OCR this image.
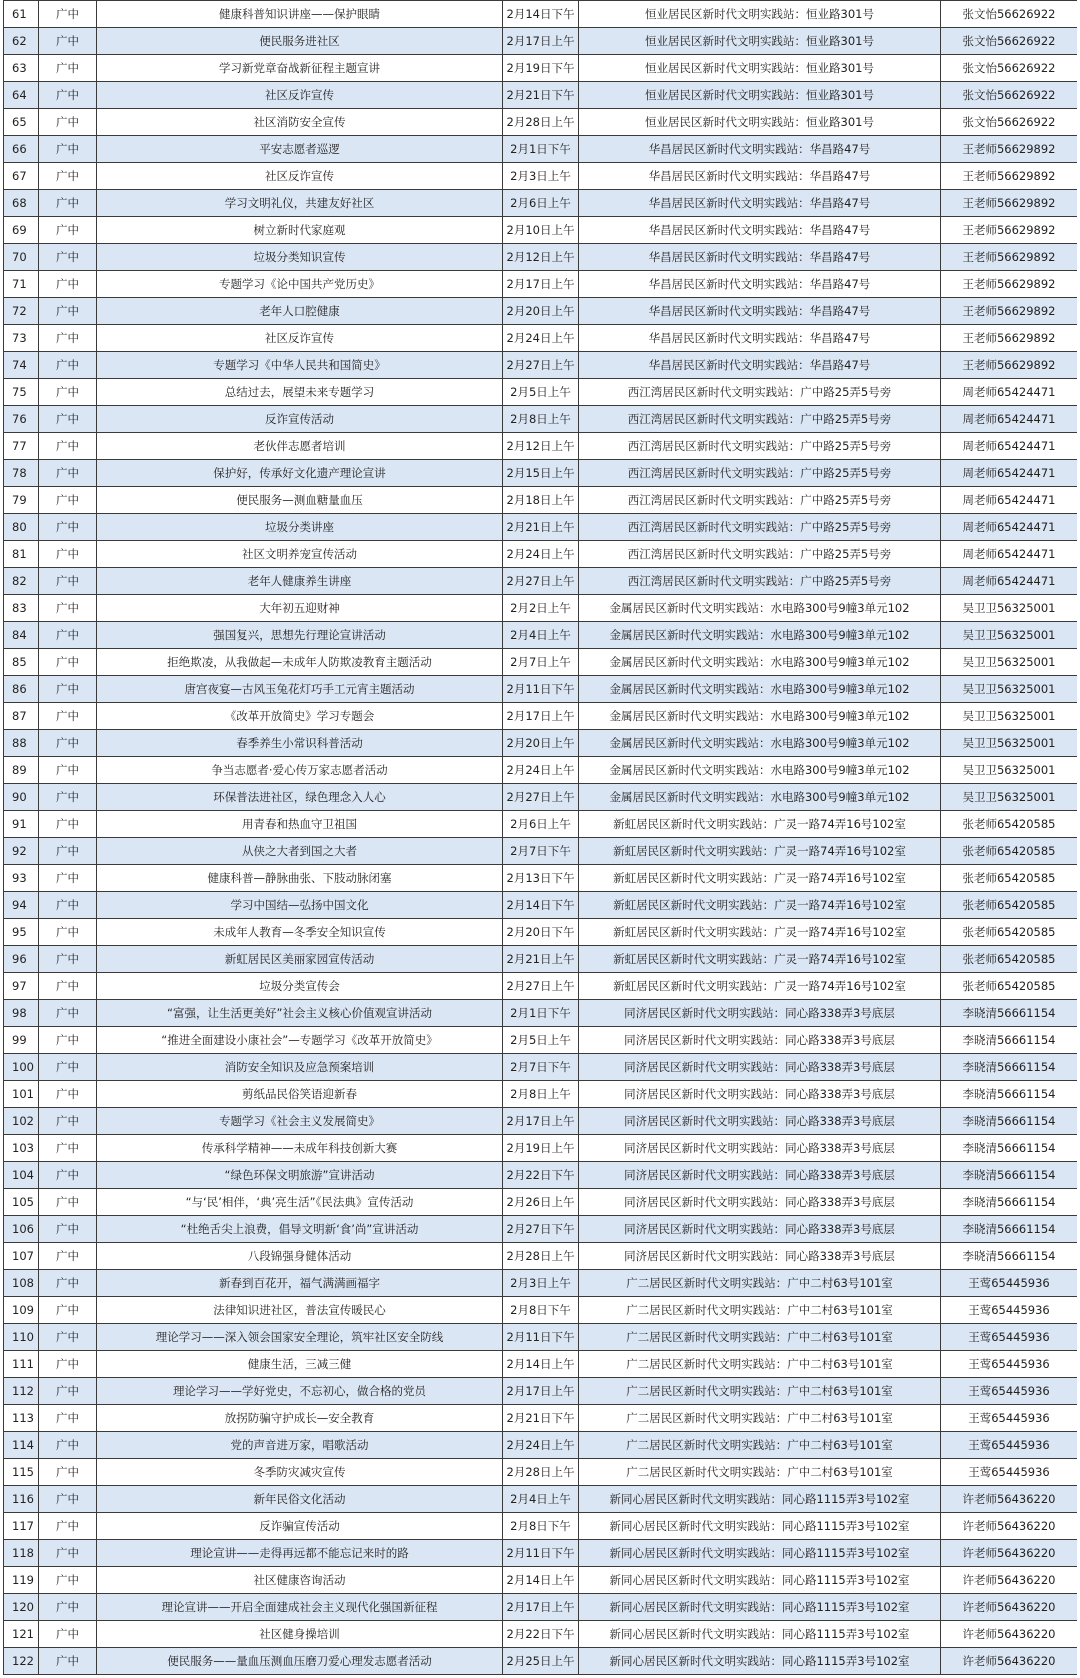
61	广中	健康科普知识讲座——保护眼睛	2月14日下午	恒业居民区新时代文明实践站：恒业路301号	张文怡56626922
62	广中	便民服务进社区	2月17日上午	恒业居民区新时代文明实践站：恒业路301号	张文怡56626922
63	广中	学习新党章奋战新征程主题宣讲	2月19日下午	恒业居民区新时代文明实践站：恒业路301号	张文怡56626922
64	广中	社区反诈宣传	2月21日下午	恒业居民区新时代文明实践站：恒业路301号	张文怡56626922
65	广中	社区消防安全宣传	2月28日上午	恒业居民区新时代文明实践站：恒业路301号	张文怡56626922
66	广中	平安志愿者巡逻	2月1日下午	华昌居民区新时代文明实践站：华昌路47号	王老师56629892
67	广中	社区反诈宣传	2月3日上午	华昌居民区新时代文明实践站：华昌路47号	王老师56629892
68	广中	学习文明礼仪，共建友好社区	2月6日上午	华昌居民区新时代文明实践站：华昌路47号	王老师56629892
69	广中	树立新时代家庭观	2月10日上午	华昌居民区新时代文明实践站：华昌路47号	王老师56629892
70	广中	垃圾分类知识宣传	2月12日上午	华昌居民区新时代文明实践站：华昌路47号	王老师56629892
71	广中	专题学习《论中国共产党历史》	2月17日上午	华昌居民区新时代文明实践站：华昌路47号	王老师56629892
72	广中	老年人口腔健康	2月20日上午	华昌居民区新时代文明实践站：华昌路47号	王老师56629892
73	广中	社区反诈宣传	2月24日上午	华昌居民区新时代文明实践站：华昌路47号	王老师56629892
74	广中	专题学习《中华人民共和国简史》	2月27日上午	华昌居民区新时代文明实践站：华昌路47号	王老师56629892
75	广中	总结过去，展望未来专题学习	2月5日上午	西江湾居民区新时代文明实践站：广中路25弄5号旁	周老师65424471
76	广中	反诈宣传活动	2月8日上午	西江湾居民区新时代文明实践站：广中路25弄5号旁	周老师65424471
77	广中	老伙伴志愿者培训	2月12日上午	西江湾居民区新时代文明实践站：广中路25弄5号旁	周老师65424471
78	广中	保护好，传承好文化遗产理论宣讲	2月15日上午	西江湾居民区新时代文明实践站：广中路25弄5号旁	周老师65424471
79	广中	便民服务—测血糖量血压	2月18日上午	西江湾居民区新时代文明实践站：广中路25弄5号旁	周老师65424471
80	广中	垃圾分类讲座	2月21日上午	西江湾居民区新时代文明实践站：广中路25弄5号旁	周老师65424471
81	广中	社区文明养宠宣传活动	2月24日上午	西江湾居民区新时代文明实践站：广中路25弄5号旁	周老师65424471
82	广中	老年人健康养生讲座	2月27日上午	西江湾居民区新时代文明实践站：广中路25弄5号旁	周老师65424471
83	广中	大年初五迎财神	2月2日上午	金属居民区新时代文明实践站：水电路300号9幢3单元102	吴卫卫56325001
84	广中	强国复兴，思想先行理论宣讲活动	2月4日上午	金属居民区新时代文明实践站：水电路300号9幢3单元102	吴卫卫56325001
85	广中	拒绝欺凌，从我做起—未成年人防欺凌教育主题活动	2月7日上午	金属居民区新时代文明实践站：水电路300号9幢3单元102	吴卫卫56325001
86	广中	唐宫夜宴—古风玉兔花灯巧手工元宵主题活动	2月11日下午	金属居民区新时代文明实践站：水电路300号9幢3单元102	吴卫卫56325001
87	广中	《改革开放简史》学习专题会	2月17日上午	金属居民区新时代文明实践站：水电路300号9幢3单元102	吴卫卫56325001
88	广中	春季养生小常识科普活动	2月20日上午	金属居民区新时代文明实践站：水电路300号9幢3单元102	吴卫卫56325001
89	广中	争当志愿者·爱心传万家志愿者活动	2月24日上午	金属居民区新时代文明实践站：水电路300号9幢3单元102	吴卫卫56325001
90	广中	环保普法进社区，绿色理念入人心	2月27日上午	金属居民区新时代文明实践站：水电路300号9幢3单元102	吴卫卫56325001
91	广中	用青春和热血守卫祖国	2月6日上午	新虹居民区新时代文明实践站：广灵一路74弄16号102室	张老师65420585
92	广中	从侠之大者到国之大者	2月7日下午	新虹居民区新时代文明实践站：广灵一路74弄16号102室	张老师65420585
93	广中	健康科普—静脉曲张、下肢动脉闭塞	2月13日下午	新虹居民区新时代文明实践站：广灵一路74弄16号102室	张老师65420585
94	广中	学习中国结—弘扬中国文化	2月14日下午	新虹居民区新时代文明实践站：广灵一路74弄16号102室	张老师65420585
95	广中	未成年人教育—冬季安全知识宣传	2月20日下午	新虹居民区新时代文明实践站：广灵一路74弄16号102室	张老师65420585
96	广中	新虹居民区美丽家园宣传活动	2月21日上午	新虹居民区新时代文明实践站：广灵一路74弄16号102室	张老师65420585
97	广中	垃圾分类宣传会	2月27日上午	新虹居民区新时代文明实践站：广灵一路74弄16号102室	张老师65420585
98	广中	“富强，让生活更美好”社会主义核心价值观宣讲活动	2月1日下午	同济居民区新时代文明实践站：同心路338弄3号底层	李晓清56661154
99	广中	“推进全面建设小康社会”—专题学习《改革开放简史》	2月5日上午	同济居民区新时代文明实践站：同心路338弄3号底层	李晓清56661154
100	广中	消防安全知识及应急预案培训	2月7日下午	同济居民区新时代文明实践站：同心路338弄3号底层	李晓清56661154
101	广中	剪纸品民俗笑语迎新春	2月8日上午	同济居民区新时代文明实践站：同心路338弄3号底层	李晓清56661154
102	广中	专题学习《社会主义发展简史》	2月17日上午	同济居民区新时代文明实践站：同心路338弄3号底层	李晓清56661154
103	广中	传承科学精神——未成年科技创新大赛	2月19日上午	同济居民区新时代文明实践站：同心路338弄3号底层	李晓清56661154
104	广中	“绿色环保文明旅游”宣讲活动	2月22日下午	同济居民区新时代文明实践站：同心路338弄3号底层	李晓清56661154
105	广中	“与‘民’相伴，‘典’亮生活”《民法典》宣传活动	2月26日上午	同济居民区新时代文明实践站：同心路338弄3号底层	李晓清56661154
106	广中	“杜绝舌尖上浪费，倡导文明新‘食’尚”宣讲活动	2月27日下午	同济居民区新时代文明实践站：同心路338弄3号底层	李晓清56661154
107	广中	八段锦强身健体活动	2月28日上午	同济居民区新时代文明实践站：同心路338弄3号底层	李晓清56661154
108	广中	新春到百花开，福气满满画福字	2月3日上午	广二居民区新时代文明实践站：广中二村63号101室	王莺65445936
109	广中	法律知识进社区，普法宣传暖民心	2月8日下午	广二居民区新时代文明实践站：广中二村63号101室	王莺65445936
110	广中	理论学习——深入领会国家安全理论，筑牢社区安全防线	2月11日下午	广二居民区新时代文明实践站：广中二村63号101室	王莺65445936
111	广中	健康生活，三减三健	2月14日上午	广二居民区新时代文明实践站：广中二村63号101室	王莺65445936
112	广中	理论学习——学好党史，不忘初心，做合格的党员	2月17日上午	广二居民区新时代文明实践站：广中二村63号101室	王莺65445936
113	广中	放拐防骗守护成长—安全教育	2月21日下午	广二居民区新时代文明实践站：广中二村63号101室	王莺65445936
114	广中	党的声音进万家，唱歌活动	2月24日上午	广二居民区新时代文明实践站：广中二村63号101室	王莺65445936
115	广中	冬季防灾减灾宣传	2月28日上午	广二居民区新时代文明实践站：广中二村63号101室	王莺65445936
116	广中	新年民俗文化活动	2月4日上午	新同心居民区新时代文明实践站：同心路1115弄3号102室	许老师56436220
117	广中	反诈骗宣传活动	2月8日下午	新同心居民区新时代文明实践站：同心路1115弄3号102室	许老师56436220
118	广中	理论宣讲——走得再远都不能忘记来时的路	2月11日下午	新同心居民区新时代文明实践站：同心路1115弄3号102室	许老师56436220
119	广中	社区健康咨询活动	2月14日上午	新同心居民区新时代文明实践站：同心路1115弄3号102室	许老师56436220
120	广中	理论宣讲——开启全面建成社会主义现代化强国新征程	2月17日上午	新同心居民区新时代文明实践站：同心路1115弄3号102室	许老师56436220
121	广中	社区健身操培训	2月22日下午	新同心居民区新时代文明实践站：同心路1115弄3号102室	许老师56436220
122	广中	便民服务——量血压测血压磨刀爱心理发志愿者活动	2月25日上午	新同心居民区新时代文明实践站：同心路1115弄3号102室	许老师56436220
